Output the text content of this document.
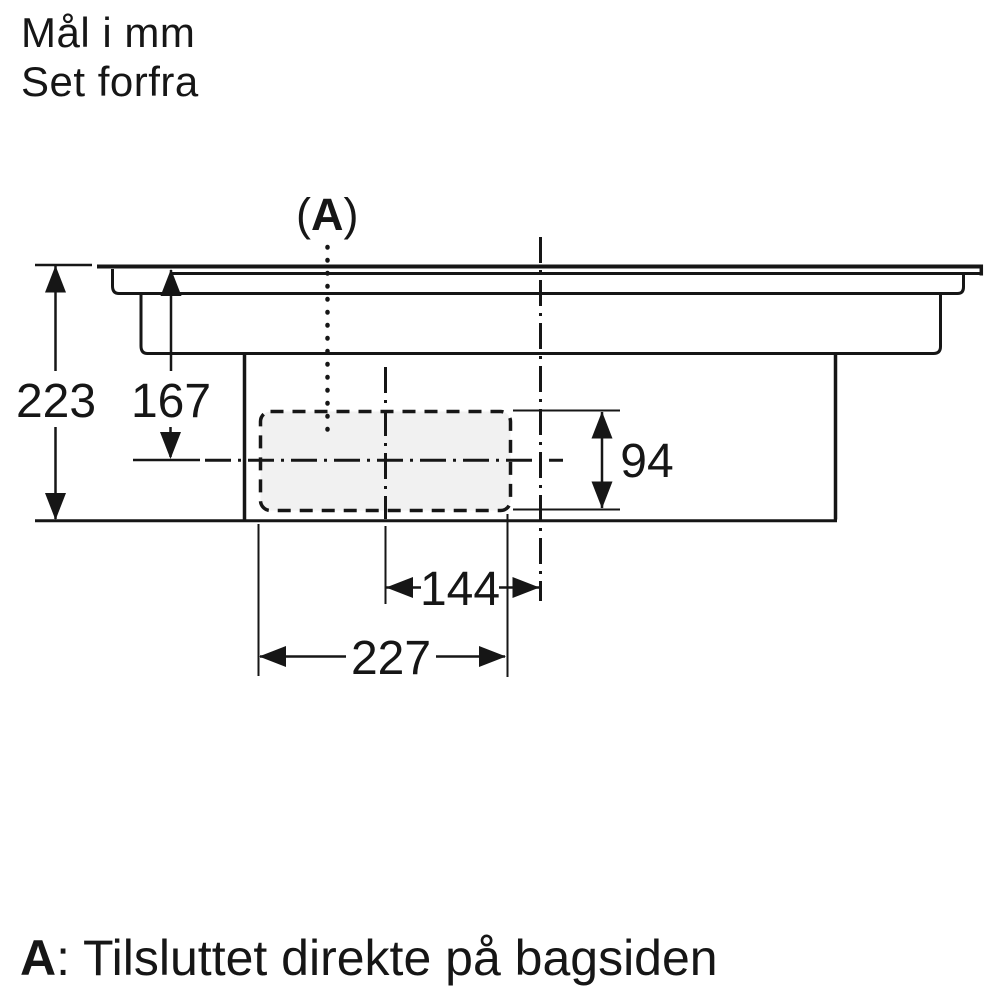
Mål i mm
Set forfra
(A)
223 167
94
144
227
A: Tilsluttet direkte på bagsiden
